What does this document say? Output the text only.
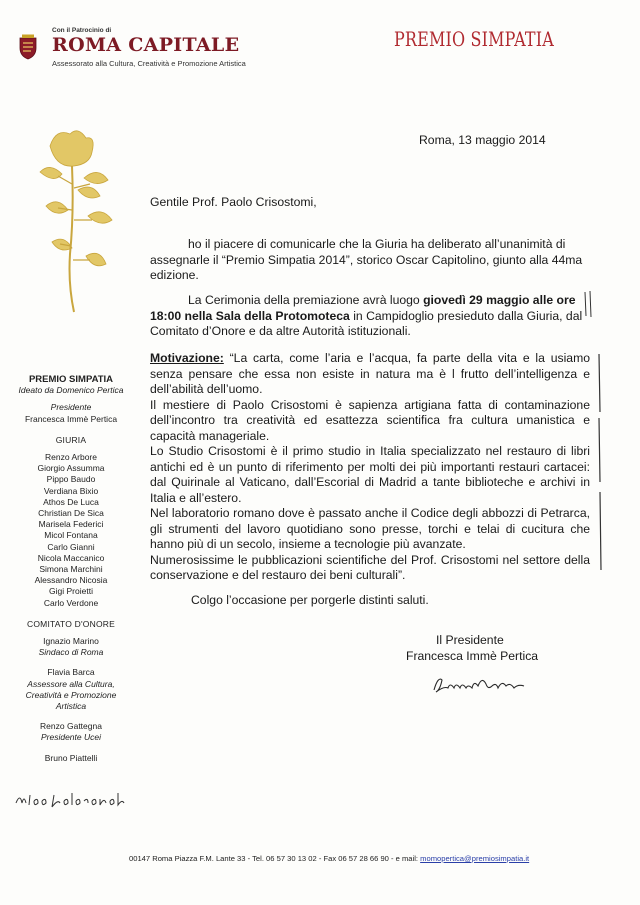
Con il Patrocinio di
ROMA CAPITALE
Assessorato alla Cultura, Creatività e Promozione Artistica
PREMIO SIMPATIA
PREMIO SIMPATIA
Ideato da Domenico Pertica
Presidente
Francesca Immè Pertica
GIURIA
Renzo Arbore
Giorgio Assumma
Pippo Baudo
Verdiana Bixio
Athos De Luca
Christian De Sica
Marisela Federici
Micol Fontana
Carlo Gianni
Nicola Maccanico
Simona Marchini
Alessandro Nicosia
Gigi Proietti
Carlo Verdone
COMITATO D'ONORE
Ignazio Marino
Sindaco di Roma
Flavia Barca
Assessore alla Cultura, Creatività e Promozione Artistica
Renzo Gattegna
Presidente Ucei
Bruno Piattelli
Roma, 13 maggio 2014
Gentile Prof. Paolo Crisostomi,
ho il piacere di comunicarle che la Giuria ha deliberato all’unanimità di assegnarle il “Premio Simpatia 2014”, storico Oscar Capitolino, giunto alla 44ma edizione.
La Cerimonia della premiazione avrà luogo giovedì 29 maggio alle ore 18:00 nella Sala della Protomoteca in Campidoglio presieduto dalla Giuria, dal Comitato d’Onore e da altre Autorità istituzionali.

Motivazione: “La carta, come l’aria e l’acqua, fa parte della vita e la usiamo senza pensare che essa non esiste in natura ma è l frutto dell’intelligenza e dell’abilità dell’uomo.

Il mestiere di Paolo Crisostomi è sapienza artigiana fatta di contaminazione dell’incontro tra creatività ed esattezza scientifica fra cultura umanistica e capacità manageriale.

Lo Studio Crisostomi è il primo studio in Italia specializzato nel restauro di libri antichi ed è un punto di riferimento per molti dei più importanti restauri cartacei: dal Quirinale al Vaticano, dall’Escorial di Madrid a tante biblioteche e archivi in Italia e all’estero.

Nel laboratorio romano dove è passato anche il Codice degli abbozzi di Petrarca, gli strumenti del lavoro quotidiano sono presse, torchi e telai di cucitura che hanno più di un secolo, insieme a tecnologie più avanzate.

Numerosissime le pubblicazioni scientifiche del Prof. Crisostomi nel settore della conservazione e del restauro dei beni culturali”.

Colgo l’occasione per porgerle distinti saluti.
Il Presidente
Francesca Immè Pertica
00147 Roma Piazza F.M. Lante 33 - Tel. 06 57 30 13 02 - Fax 06 57 28 66 90 - e mail: momopertica@premiosimpatia.it
